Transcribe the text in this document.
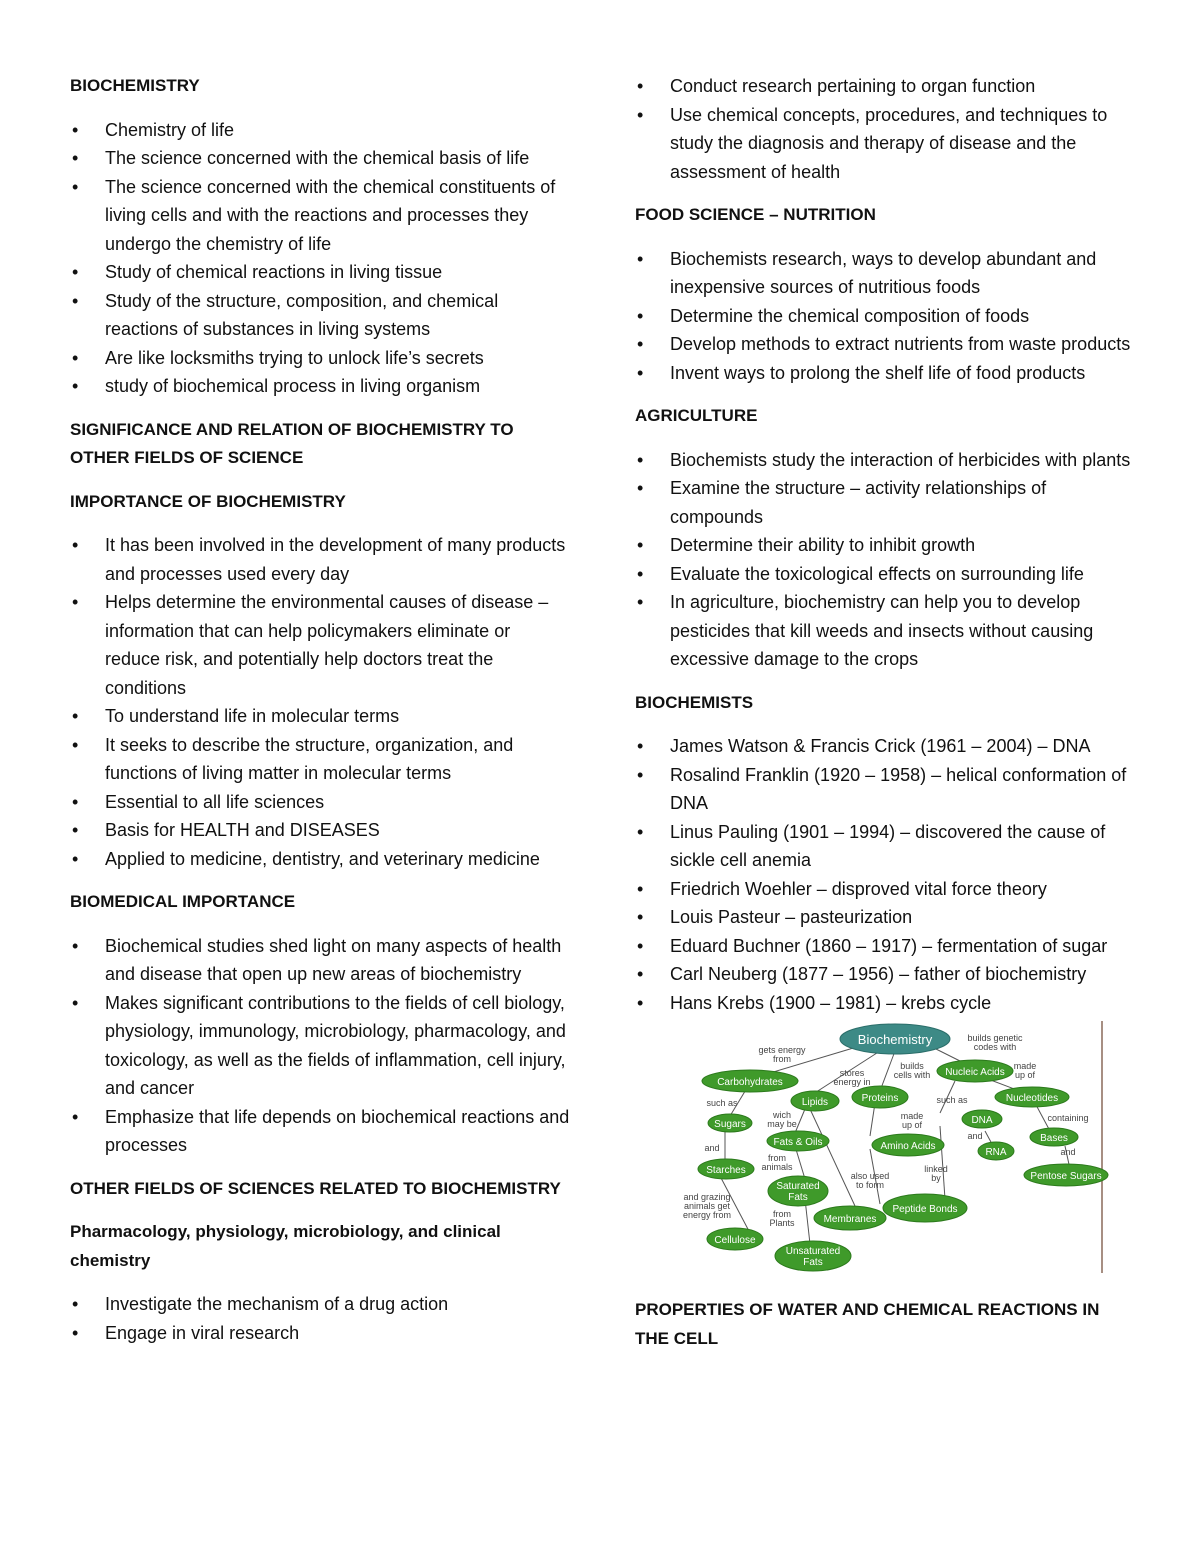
BIOCHEMISTRY
• Chemistry of life
• The science concerned with the chemical basis of life
• The science concerned with the chemical constituents of living cells and with the reactions and processes they undergo the chemistry of life
• Study of chemical reactions in living tissue
• Study of the structure, composition, and chemical reactions of substances in living systems
• Are like locksmiths trying to unlock life’s secrets
• study of biochemical process in living organism
SIGNIFICANCE AND RELATION OF BIOCHEMISTRY TO OTHER FIELDS OF SCIENCE
IMPORTANCE OF BIOCHEMISTRY
• It has been involved in the development of many products and processes used every day
• Helps determine the environmental causes of disease – information that can help policymakers eliminate or reduce risk, and potentially help doctors treat the conditions
• To understand life in molecular terms
• It seeks to describe the structure, organization, and functions of living matter in molecular terms
• Essential to all life sciences
• Basis for HEALTH and DISEASES
• Applied to medicine, dentistry, and veterinary medicine
BIOMEDICAL IMPORTANCE
• Biochemical studies shed light on many aspects of health and disease that open up new areas of biochemistry
• Makes significant contributions to the fields of cell biology, physiology, immunology, microbiology, pharmacology, and toxicology, as well as the fields of inflammation, cell injury, and cancer
• Emphasize that life depends on biochemical reactions and processes
OTHER FIELDS OF SCIENCES RELATED TO BIOCHEMISTRY
Pharmacology, physiology, microbiology, and clinical chemistry
• Investigate the mechanism of a drug action
• Engage in viral research
• Conduct research pertaining to organ function
• Use chemical concepts, procedures, and techniques to study the diagnosis and therapy of disease and the assessment of health
FOOD SCIENCE – NUTRITION
• Biochemists research, ways to develop abundant and inexpensive sources of nutritious foods
• Determine the chemical composition of foods
• Develop methods to extract nutrients from waste products
• Invent ways to prolong the shelf life of food products
AGRICULTURE
• Biochemists study the interaction of herbicides with plants
• Examine the structure – activity relationships of compounds
• Determine their ability to inhibit growth
• Evaluate the toxicological effects on surrounding life
• In agriculture, biochemistry can help you to develop pesticides that kill weeds and insects without causing excessive damage to the crops
BIOCHEMISTS
• James Watson & Francis Crick (1961 – 2004) – DNA
• Rosalind Franklin (1920 – 1958) – helical conformation of DNA
• Linus Pauling (1901 – 1994) – discovered the cause of sickle cell anemia
• Friedrich Woehler – disproved vital force theory
• Louis Pasteur – pasteurization
• Eduard Buchner (1860 – 1917) – fermentation of sugar
• Carl Neuberg (1877 – 1956) – father of biochemistry
• Hans Krebs (1900 – 1981) – krebs cycle
Biochemistry
Carbohydrates
Lipids	Proteins
Nucleic Acids
Nucleotides
Sugars
Fats & Oils	Amino Acids
DNA
Bases
Starches
RNA
Pentose Sugars
Saturated
Fats
Peptide Bonds
Membranes
Cellulose
Unsaturated
Fats
gets energy
from
builds genetic
codes with
stores
energy in
builds
cells with
made
up of
such as
wich
may be
such as
made
up of
containing
and
and
and
from
animals
also used
to form
linked
by
and grazing
animals get
energy from	from
Plants
PROPERTIES OF WATER AND CHEMICAL REACTIONS IN THE CELL
